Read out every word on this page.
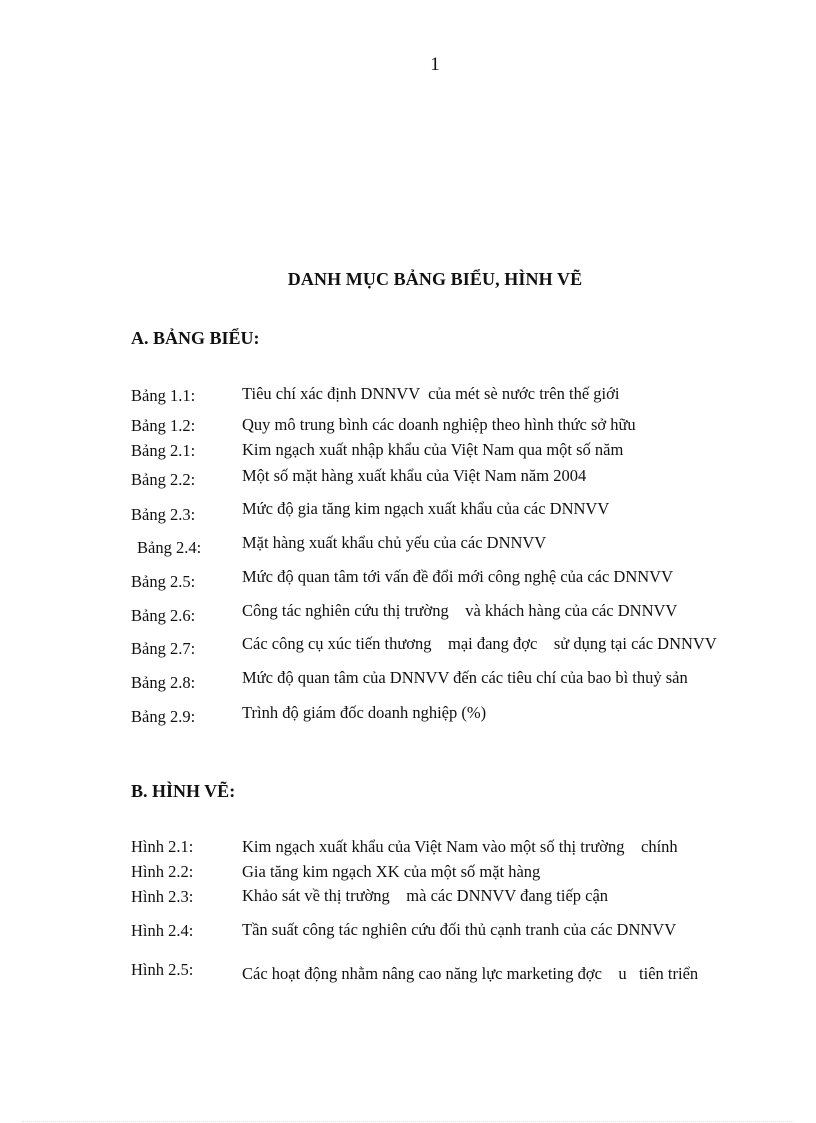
1
DANH MỤC BẢNG BIỂU, HÌNH VẼ
A. BẢNG BIỂU:
Bảng 1.1:	Tiêu chí xác định DNNVV  của mét sè nước trên thế giới
Bảng 1.2:	Quy mô trung bình các doanh nghiệp theo hình thức sở hữu
Bảng 2.1:	Kim ngạch xuất nhập khẩu của Việt Nam qua một số năm
Bảng 2.2:	Một số mặt hàng xuất khẩu của Việt Nam năm 2004
Bảng 2.3:	Mức độ gia tăng kim ngạch xuất khẩu của các DNNVV
Bảng 2.4: Mặt hàng xuất khẩu chủ yếu của các DNNVV
Bảng 2.5:	Mức độ quan tâm tới vấn đề đổi mới công nghệ của các DNNVV
Bảng 2.6:	Công tác nghiên cứu thị trường    và khách hàng của các DNNVV
Bảng 2.7:	Các công cụ xúc tiến thương    mại đang đợc    sử dụng tại các DNNVV
Bảng 2.8:	Mức độ quan tâm của DNNVV đến các tiêu chí của bao bì thuỷ sản
Bảng 2.9:	Trình độ giám đốc doanh nghiệp (%)
B. HÌNH VẼ:
Hình 2.1:	Kim ngạch xuất khẩu của Việt Nam vào một số thị trường    chính
Hình 2.2:	Gia tăng kim ngạch XK của một số mặt hàng
Hình 2.3:	Khảo sát về thị trường    mà các DNNVV đang tiếp cận
Hình 2.4:	Tần suất công tác nghiên cứu đối thủ cạnh tranh của các DNNVV
Hình 2.5:	Các hoạt động nhằm nâng cao năng lực marketing đợc    u   tiên triển
